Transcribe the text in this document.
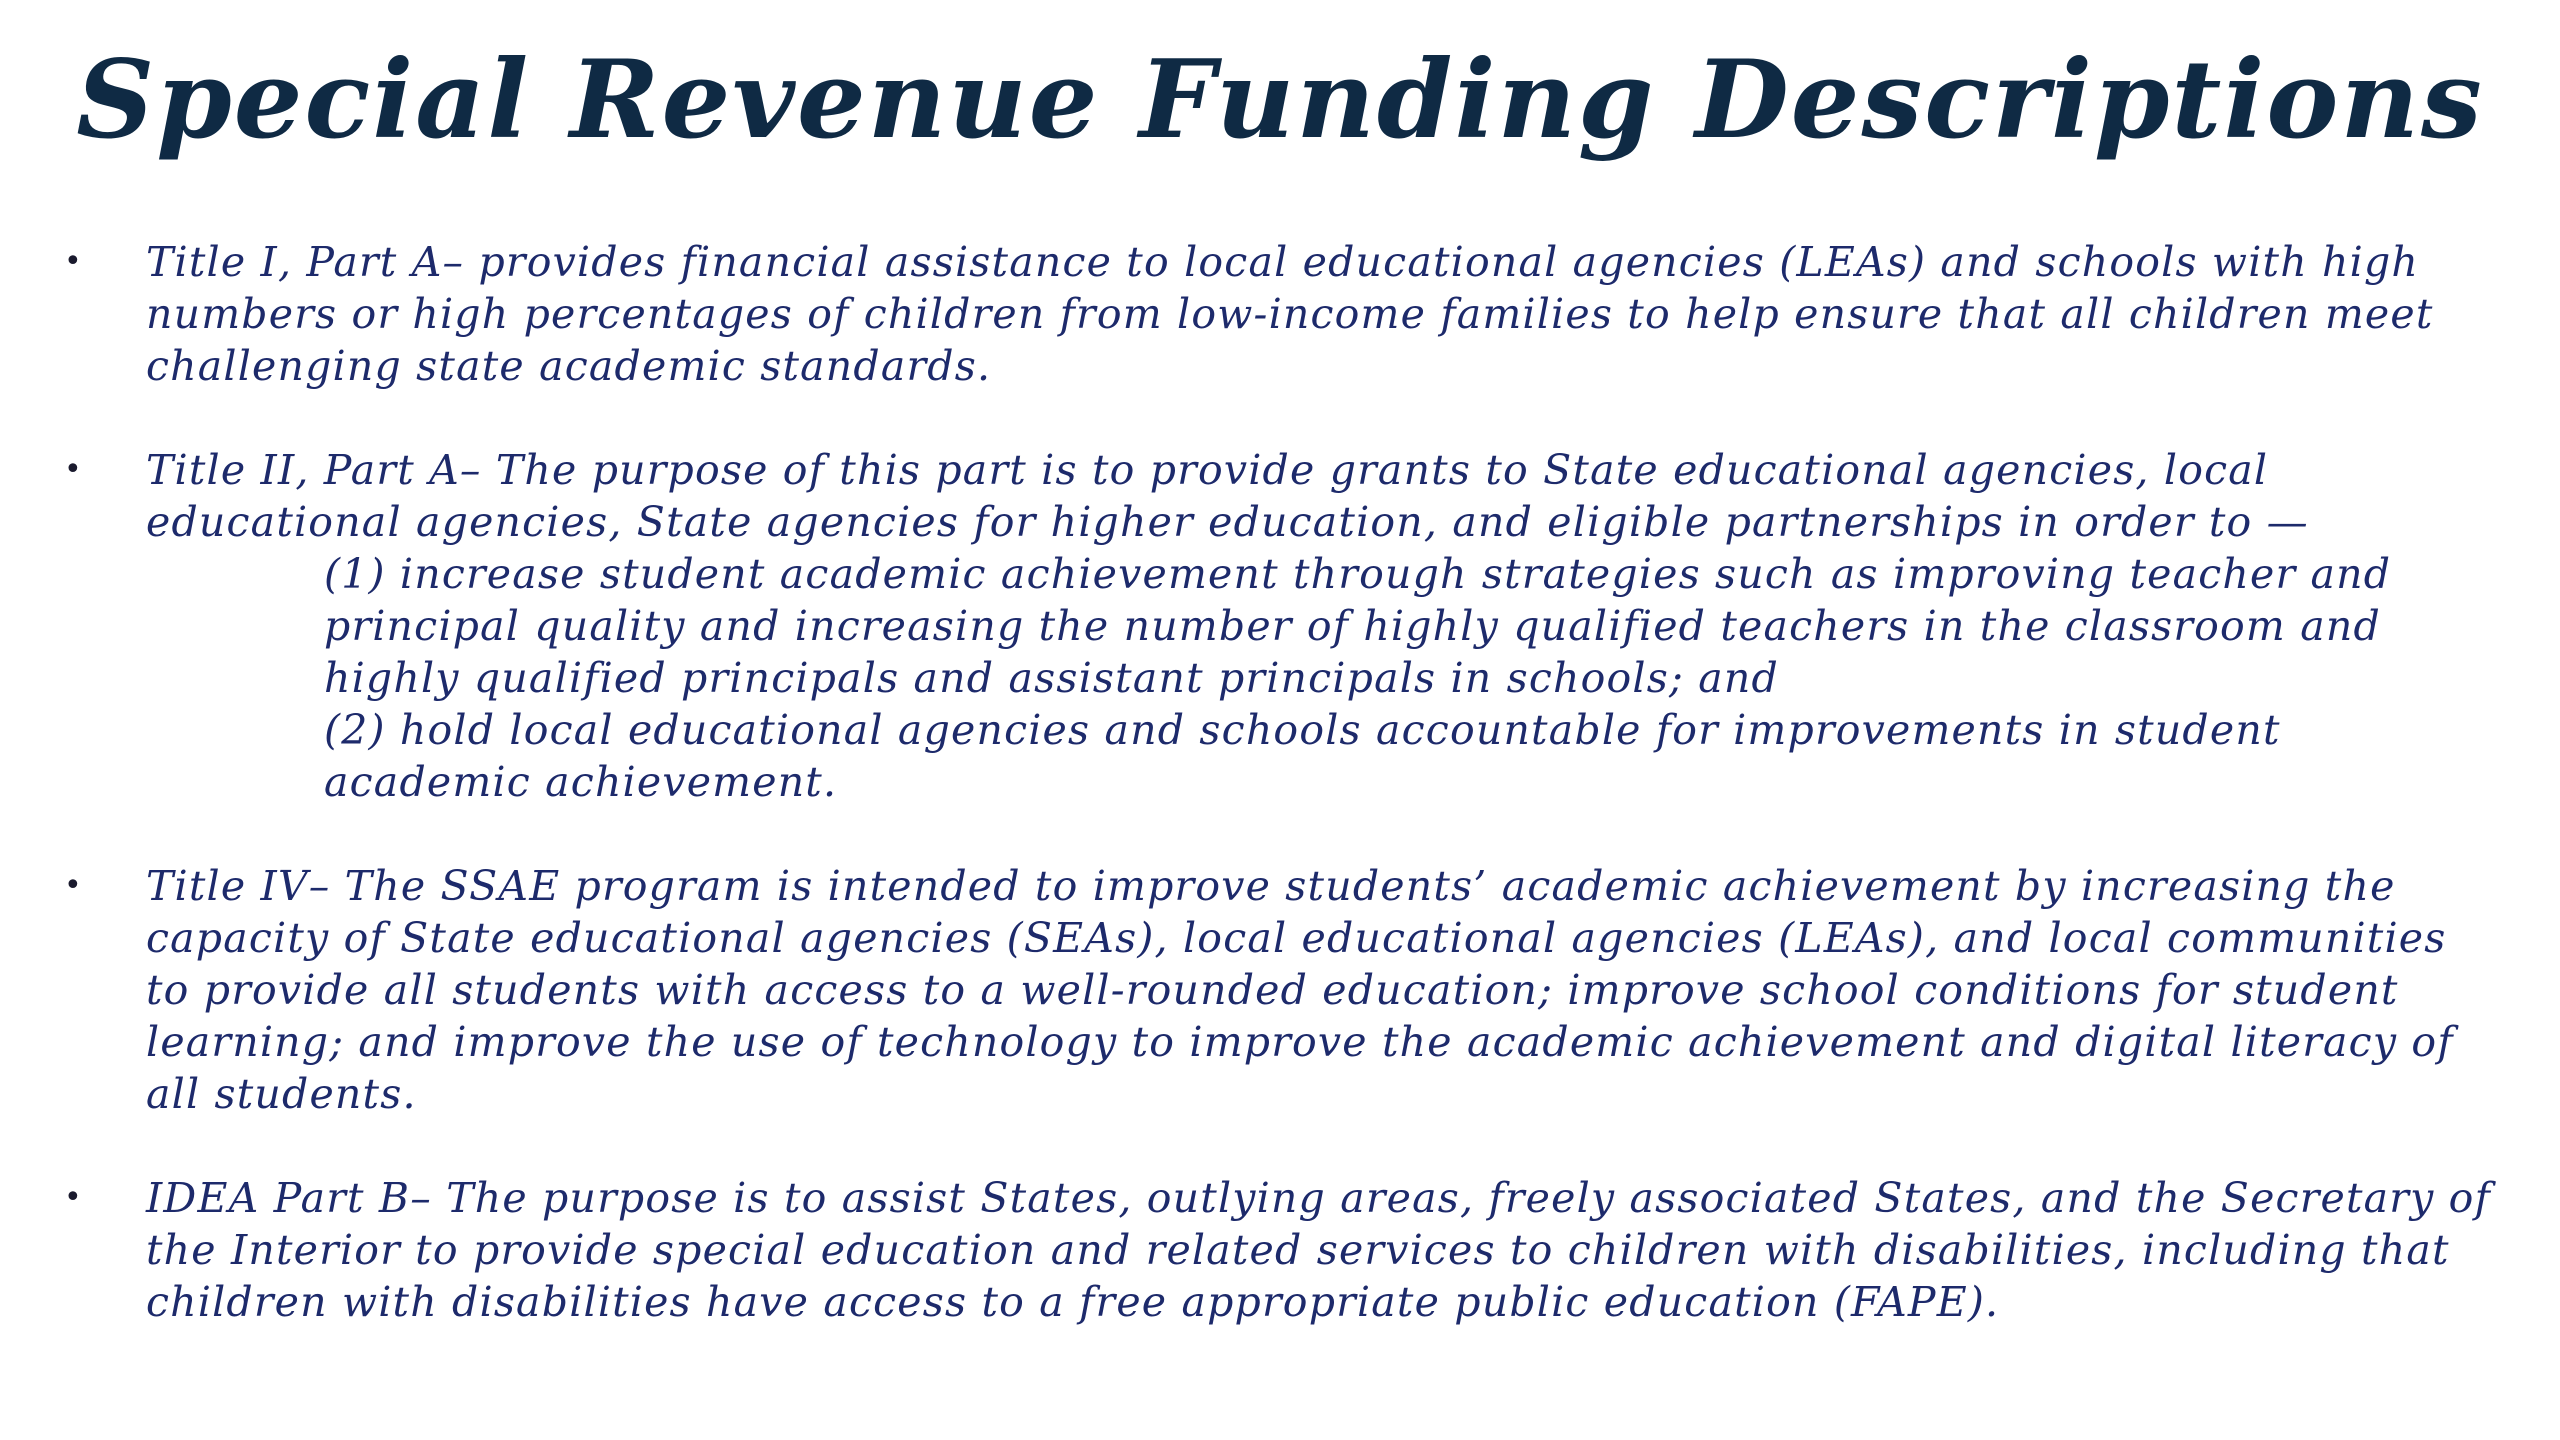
Special Revenue Funding Descriptions
•	Title I, Part A– provides financial assistance to local educational agencies (LEAs) and schools with high numbers or high percentages of children from low-income families to help ensure that all children meet challenging state academic standards.
•	Title II, Part A– The purpose of this part is to provide grants to State educational agencies, local educational agencies, State agencies for higher education, and eligible partnerships in order to —
(1) increase student academic achievement through strategies such as improving teacher and principal quality and increasing the number of highly qualified teachers in the classroom and highly qualified principals and assistant principals in schools; and
(2) hold local educational agencies and schools accountable for improvements in student academic achievement.
•	Title IV– The SSAE program is intended to improve students’ academic achievement by increasing the capacity of State educational agencies (SEAs), local educational agencies (LEAs), and local communities to provide all students with access to a well-rounded education; improve school conditions for student learning; and improve the use of technology to improve the academic achievement and digital literacy of all students.
•	IDEA Part B– The purpose is to assist States, outlying areas, freely associated States, and the Secretary of the Interior to provide special education and related services to children with disabilities, including that children with disabilities have access to a free appropriate public education (FAPE).
